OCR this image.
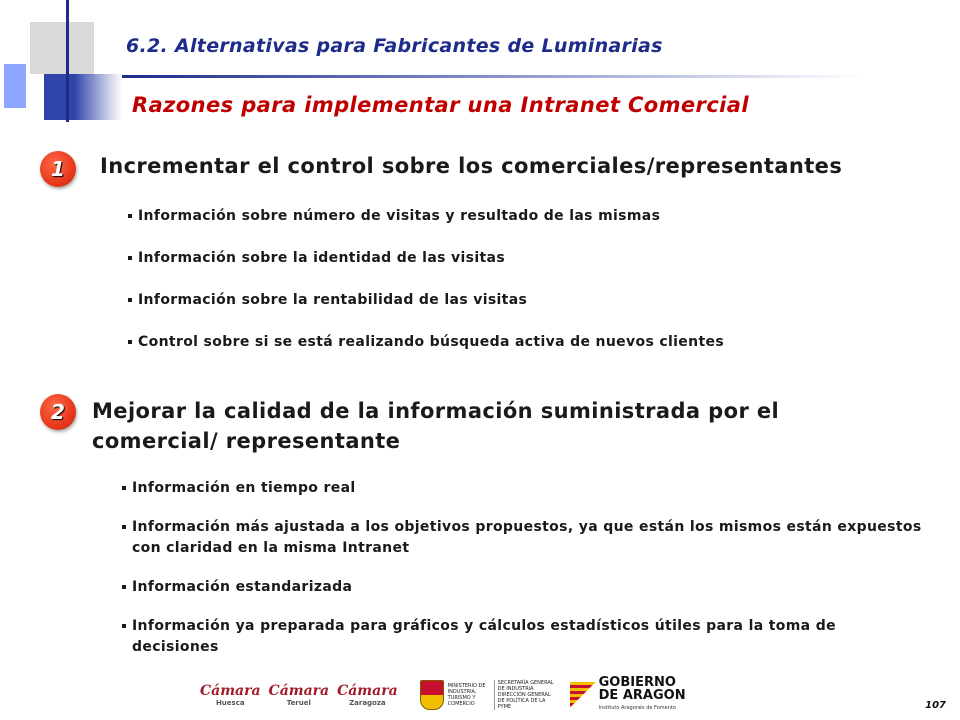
6.2. Alternativas para Fabricantes de Luminarias
Razones para implementar una Intranet Comercial
1	Incrementar el control sobre los comerciales/representantes
Información sobre número de visitas y resultado de las mismas
Información sobre la identidad de las visitas
Información sobre la rentabilidad de las visitas
Control sobre si se está realizando búsqueda activa de nuevos clientes
2	Mejorar la calidad de la información suministrada por el comercial/ representante
Información en tiempo real
Información más ajustada a los objetivos propuestos, ya que están los mismos están expuestos con claridad en la misma Intranet
Información estandarizada
Información ya preparada para gráficos y cálculos estadísticos útiles para la toma de decisiones
Cámara
Huesca
Cámara
Teruel
Cámara
Zaragoza
MINISTERIO DE INDUSTRIA, TURISMO Y COMERCIO
SECRETARÍA GENERAL DE INDUSTRIA DIRECCIÓN GENERAL DE POLÍTICA DE LA PYME
GOBIERNO
DE ARAGON
Instituto Aragonés de Fomento	107
